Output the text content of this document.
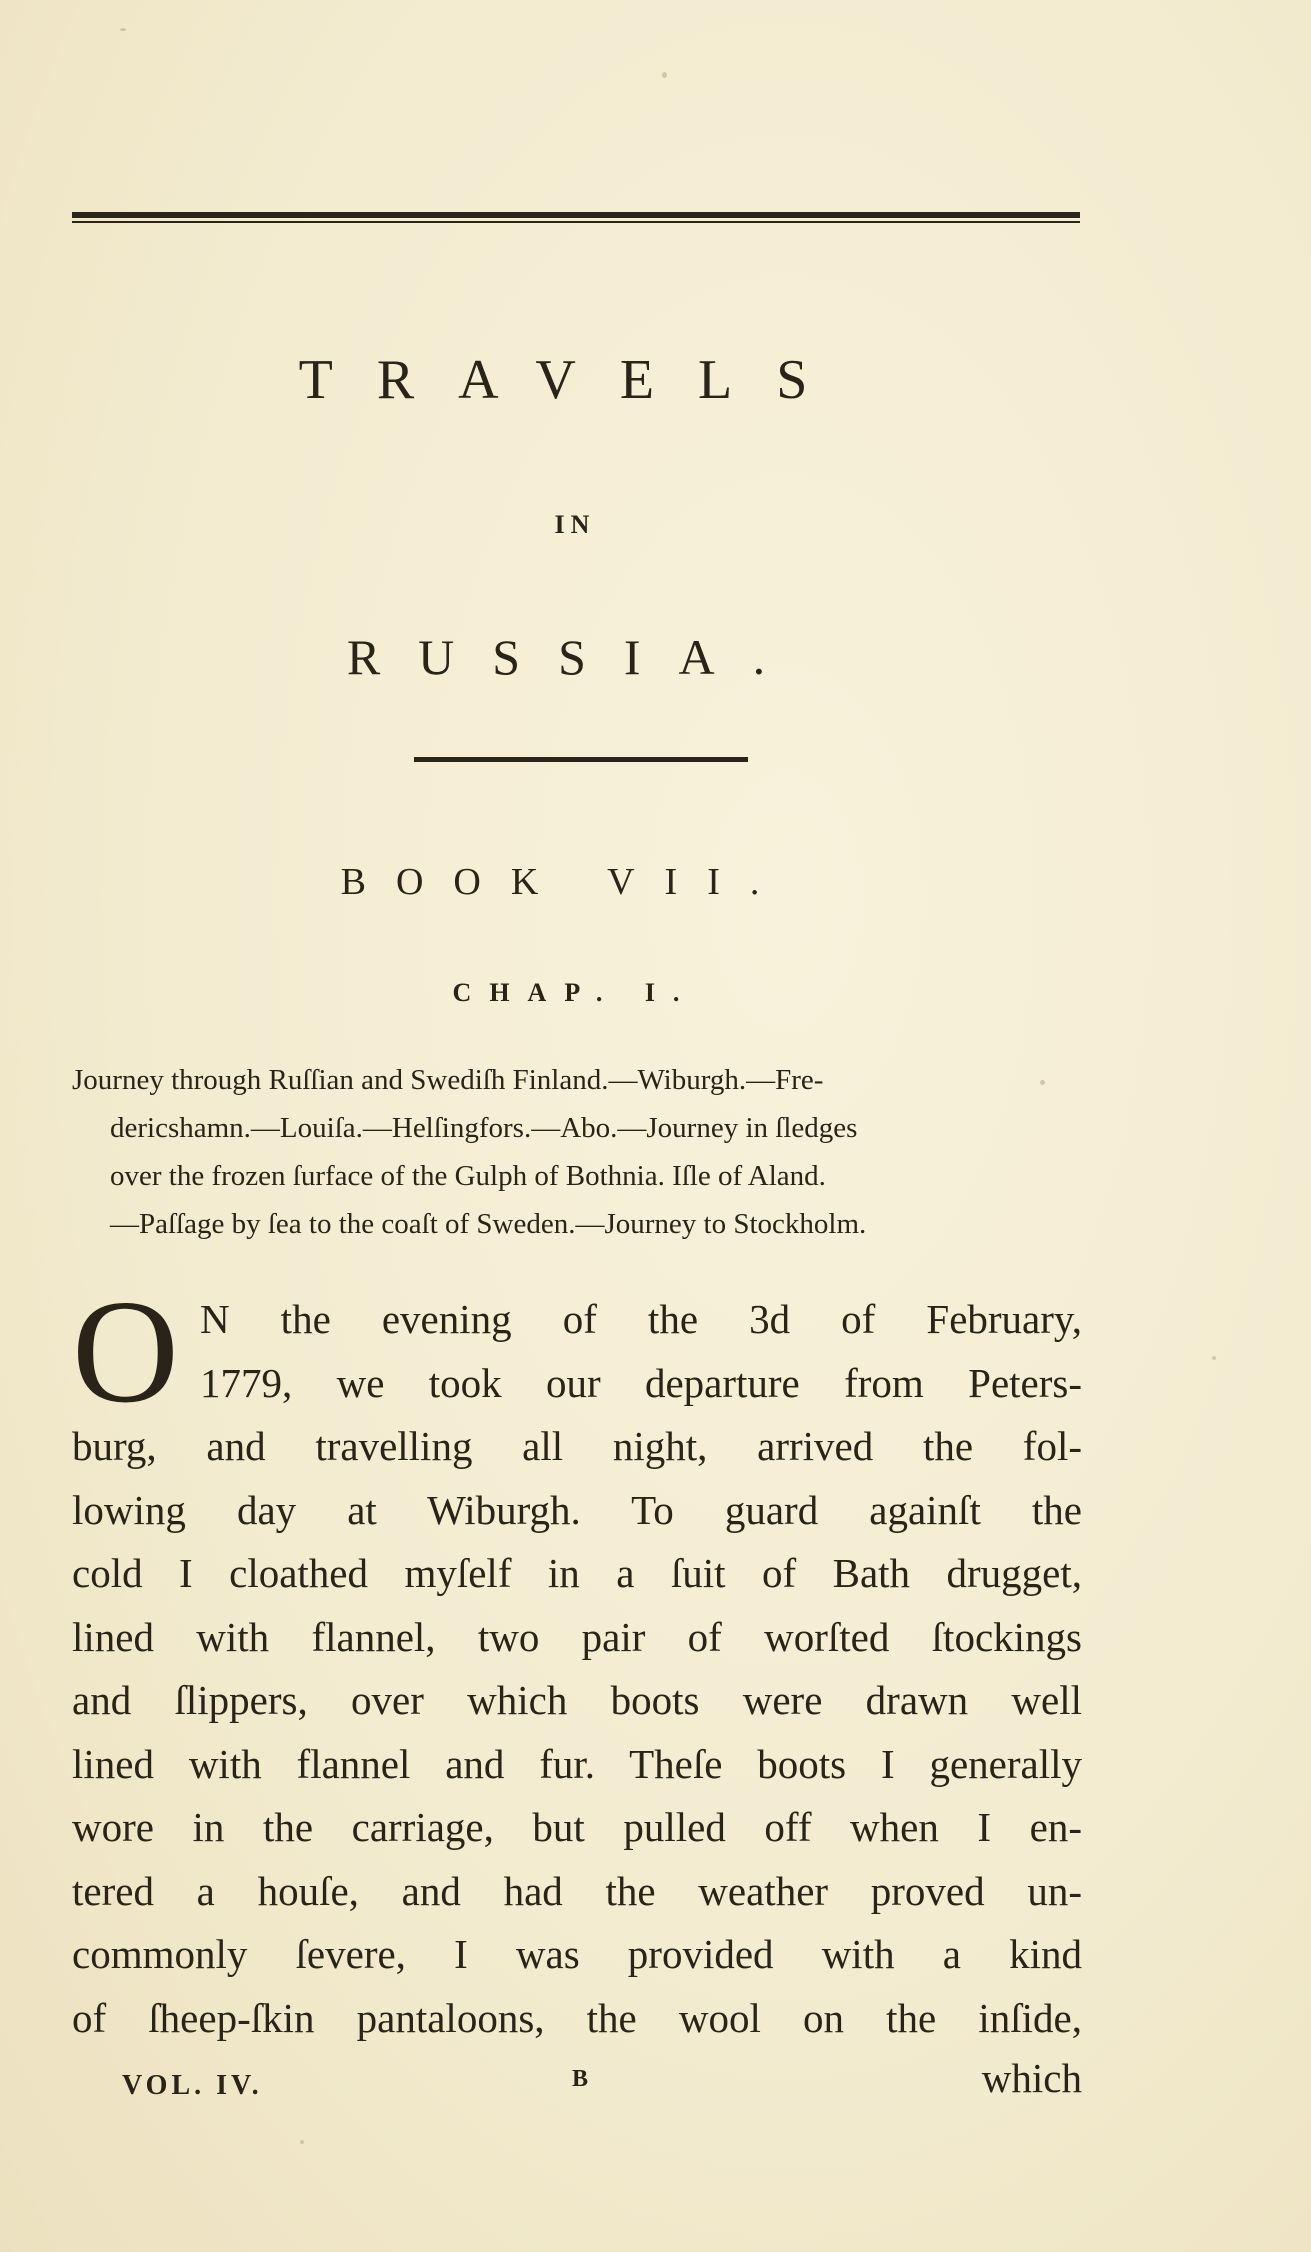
TRAVELS
IN
RUSSIA.
BOOK VII.
CHAP. I.
Journey through Ruſſian and Swediſh Finland.—Wiburgh.—Fre-
dericshamn.—Louiſa.—Helſingfors.—Abo.—Journey in ſledges
over the frozen ſurface of the Gulph of Bothnia. Iſle of Aland.
—Paſſage by ſea to the coaſt of Sweden.—Journey to Stockholm.
O N the evening of the 3d of February,
1779, we took our departure from Peters-
burg, and travelling all night, arrived the fol-
lowing day at Wiburgh. To guard againſt the
cold I cloathed myſelf in a ſuit of Bath drugget,
lined with flannel, two pair of worſted ſtockings
and ſlippers, over which boots were drawn well
lined with flannel and fur. Theſe boots I generally
wore in the carriage, but pulled off when I en-
tered a houſe, and had the weather proved un-
commonly ſevere, I was provided with a kind
of ſheep-ſkin pantaloons, the wool on the inſide,
VOL. IV.	B	which
